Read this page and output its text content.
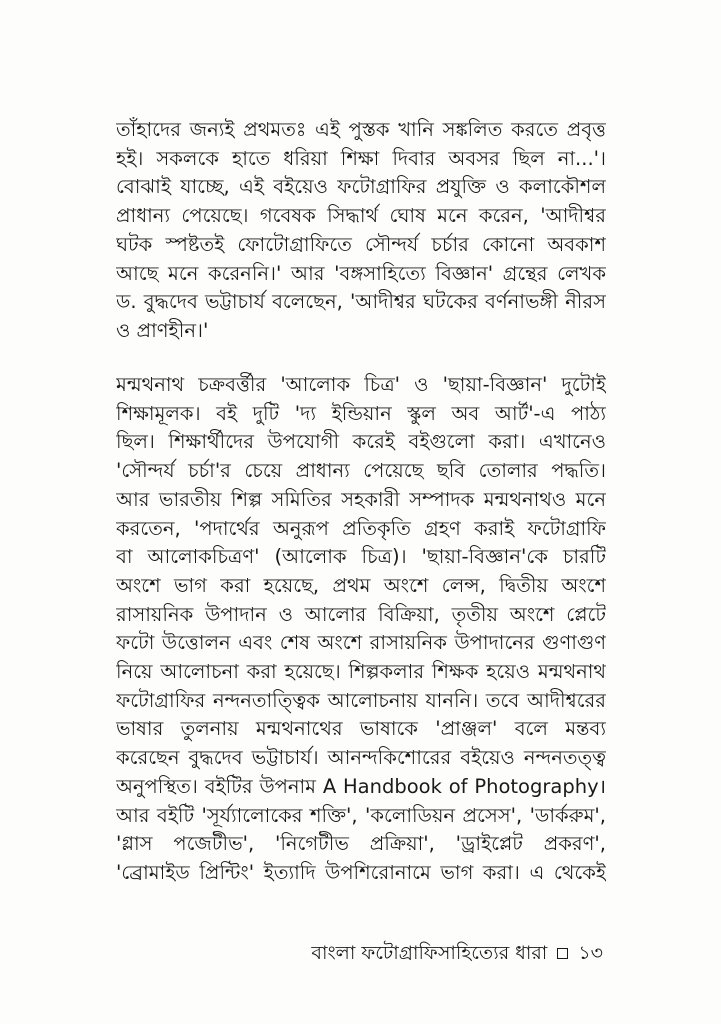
তাঁহাদের জন্যই প্রথমতঃ এই পুস্তক খানি সঙ্কলিত করতে প্রবৃত্ত
হই। সকলকে হাতে ধরিয়া শিক্ষা দিবার অবসর ছিল না...'।
বোঝাই যাচ্ছে, এই বইয়েও ফটোগ্রাফির প্রযুক্তি ও কলাকৌশল
প্রাধান্য পেয়েছে। গবেষক সিদ্ধার্থ ঘোষ মনে করেন, 'আদীশ্বর
ঘটক স্পষ্টতই ফোটোগ্রাফিতে সৌন্দর্য চর্চার কোনো অবকাশ
আছে মনে করেননি।' আর 'বঙ্গসাহিত্যে বিজ্ঞান' গ্রন্থের লেখক
ড. বুদ্ধদেব ভট্টাচার্য বলেছেন, 'আদীশ্বর ঘটকের বর্ণনাভঙ্গী নীরস
ও প্রাণহীন।'
মন্মথনাথ চক্রবর্ত্তীর 'আলোক চিত্র' ও 'ছায়া-বিজ্ঞান' দুটোই
শিক্ষামূলক। বই দুটি 'দ্য ইন্ডিয়ান স্কুল অব আর্ট'-এ পাঠ্য
ছিল। শিক্ষার্থীদের উপযোগী করেই বইগুলো করা। এখানেও
'সৌন্দর্য চর্চা'র চেয়ে প্রাধান্য পেয়েছে ছবি তোলার পদ্ধতি।
আর ভারতীয় শিল্প সমিতির সহকারী সম্পাদক মন্মথনাথও মনে
করতেন, 'পদার্থের অনুরূপ প্রতিকৃতি গ্রহণ করাই ফটোগ্রাফি
বা আলোকচিত্রণ' (আলোক চিত্র)। 'ছায়া-বিজ্ঞান'কে চারটি
অংশে ভাগ করা হয়েছে, প্রথম অংশে লেন্স, দ্বিতীয় অংশে
রাসায়নিক উপাদান ও আলোর বিক্রিয়া, তৃতীয় অংশে প্লেটে
ফটো উত্তোলন এবং শেষ অংশে রাসায়নিক উপাদানের গুণাগুণ
নিয়ে আলোচনা করা হয়েছে। শিল্পকলার শিক্ষক হয়েও মন্মথনাথ
ফটোগ্রাফির নন্দনতাত্ত্বিক আলোচনায় যাননি। তবে আদীশ্বরের
ভাষার তুলনায় মন্মথনাথের ভাষাকে 'প্রাঞ্জল' বলে মন্তব্য
করেছেন বুদ্ধদেব ভট্টাচার্য। আনন্দকিশোরের বইয়েও নন্দনতত্ত্ব
অনুপস্থিত। বইটির উপনাম A Handbook of Photography।
আর বইটি 'সূর্য্যালোকের শক্তি', 'কলোডিয়ন প্রসেস', 'ডার্করুম',
'গ্লাস পজেটীভ', 'নিগেটীভ প্রক্রিয়া', 'ড্রাইপ্লেট প্রকরণ',
'ব্রোমাইড প্রিন্টিং' ইত্যাদি উপশিরোনামে ভাগ করা। এ থেকেই
বাংলা ফটোগ্রাফিসাহিত্যের ধারা ১৩
